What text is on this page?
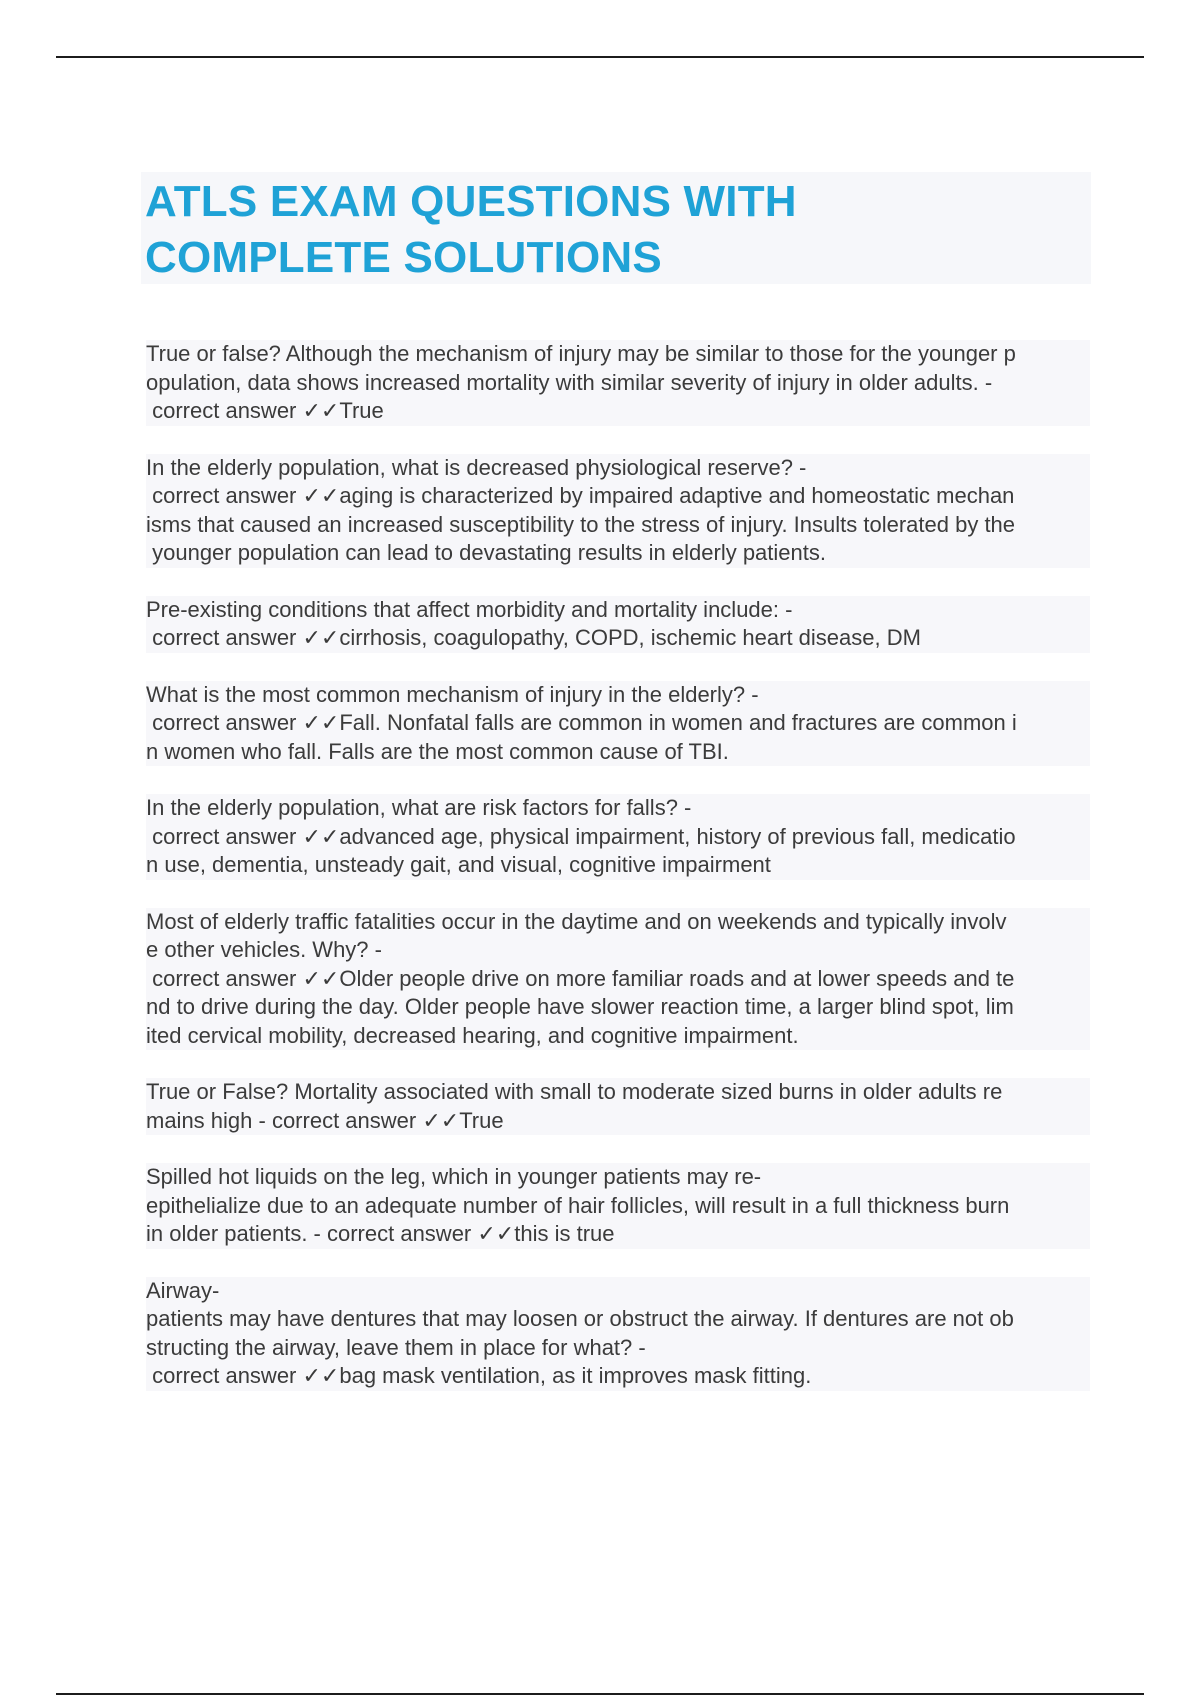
ATLS EXAM QUESTIONS WITH
COMPLETE SOLUTIONS
True or false? Although the mechanism of injury may be similar to those for the younger p
opulation, data shows increased mortality with similar severity of injury in older adults. -
correct answer ✓✓True
In the elderly population, what is decreased physiological reserve? -
correct answer ✓✓aging is characterized by impaired adaptive and homeostatic mechan
isms that caused an increased susceptibility to the stress of injury. Insults tolerated by the
younger population can lead to devastating results in elderly patients.
Pre-existing conditions that affect morbidity and mortality include: -
correct answer ✓✓cirrhosis, coagulopathy, COPD, ischemic heart disease, DM
What is the most common mechanism of injury in the elderly? -
correct answer ✓✓Fall. Nonfatal falls are common in women and fractures are common i
n women who fall. Falls are the most common cause of TBI.
In the elderly population, what are risk factors for falls? -
correct answer ✓✓advanced age, physical impairment, history of previous fall, medicatio
n use, dementia, unsteady gait, and visual, cognitive impairment
Most of elderly traffic fatalities occur in the daytime and on weekends and typically involv
e other vehicles. Why? -
correct answer ✓✓Older people drive on more familiar roads and at lower speeds and te
nd to drive during the day. Older people have slower reaction time, a larger blind spot, lim
ited cervical mobility, decreased hearing, and cognitive impairment.
True or False? Mortality associated with small to moderate sized burns in older adults re
mains high - correct answer ✓✓True
Spilled hot liquids on the leg, which in younger patients may re-
epithelialize due to an adequate number of hair follicles, will result in a full thickness burn
in older patients. - correct answer ✓✓this is true
Airway-
patients may have dentures that may loosen or obstruct the airway. If dentures are not ob
structing the airway, leave them in place for what? -
correct answer ✓✓bag mask ventilation, as it improves mask fitting.
